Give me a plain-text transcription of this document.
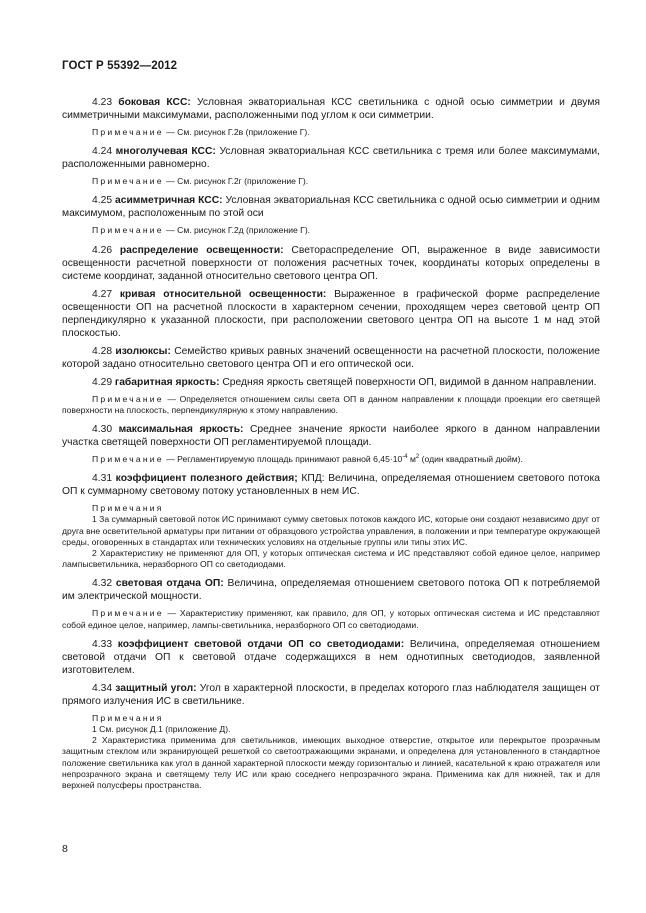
ГОСТ Р 55392—2012

4.23 боковая КСС: Условная экваториальная КСС светильника с одной осью симметрии и двумя симметричными максимумами, расположенными под углом к оси симметрии.

Примечание — См. рисунок Г.2в (приложение Г).

4.24 многолучевая КСС: Условная экваториальная КСС светильника с тремя или более максимумами, расположенными равномерно.

Примечание — См. рисунок Г.2г (приложение Г).

4.25 асимметричная КСС: Условная экваториальная КСС светильника с одной осью симметрии и одним максимумом, расположенным по этой оси

Примечание — См. рисунок Г.2д (приложение Г).

4.26 распределение освещенности: Светораспределение ОП, выраженное в виде зависимости освещенности расчетной поверхности от положения расчетных точек, координаты которых определены в системе координат, заданной относительно светового центра ОП.

4.27 кривая относительной освещенности: Выраженное в графической форме распределение освещенности ОП на расчетной плоскости в характерном сечении, проходящем через световой центр ОП перпендикулярно к указанной плоскости, при расположении светового центра ОП на высоте 1 м над этой плоскостью.

4.28 изолюксы: Семейство кривых равных значений освещенности на расчетной плоскости, положение которой задано относительно светового центра ОП и его оптической оси.

4.29 габаритная яркость: Средняя яркость светящей поверхности ОП, видимой в данном направлении.

Примечание — Определяется отношением силы света ОП в данном направлении к площади проекции его светящей поверхности на плоскость, перпендикулярную к этому направлению.

4.30 максимальная яркость: Среднее значение яркости наиболее яркого в данном направлении участка светящей поверхности ОП регламентируемой площади.

Примечание — Регламентируемую площадь принимают равной $6,45\cdot 10^{-4}$ $м^2$ (один квадратный дюйм).

4.31 коэффициент полезного действия; КПД: Величина, определяемая отношением светового потока ОП к суммарному световому потоку установленных в нем ИС.

Примечания

1 За суммарный световой поток ИС принимают сумму световых потоков каждого ИС, которые они создают независимо друг от друга вне осветительной арматуры при питании от образцового устройства управления, в положении и при температуре окружающей среды, оговоренных в стандартах или технических условиях на отдельные группы или типы этих ИС.

2 Характеристику не применяют для ОП, у которых оптическая система и ИС представляют собой единое целое, например лампысветильника, неразборного ОП со светодиодами.

4.32 световая отдача ОП: Величина, определяемая отношением светового потока ОП к потребляемой им электрической мощности.

Примечание — Характеристику применяют, как правило, для ОП, у которых оптическая система и ИС представляют собой единое целое, например, лампы-светильника, неразборного ОП со светодиодами.

4.33 коэффициент световой отдачи ОП со светодиодами: Величина, определяемая отношением световой отдачи ОП к световой отдаче содержащихся в нем однотипных светодиодов, заявленной изготовителем.

4.34 защитный угол: Угол в характерной плоскости, в пределах которого глаз наблюдателя защищен от прямого излучения ИС в светильнике.

Примечания

1 См. рисунок Д.1 (приложение Д).

2 Характеристика применима для светильников, имеющих выходное отверстие, открытое или перекрытое прозрачным защитным стеклом или экранирующей решеткой со светоотражающими экранами, и определена для установленного в стандартное положение светильника как угол в данной характерной плоскости между горизонталью и линией, касательной к краю отражателя или непрозрачного экрана и светящему телу ИС или краю соседнего непрозрачного экрана. Применима как для нижней, так и для верхней полусферы пространства.

8
